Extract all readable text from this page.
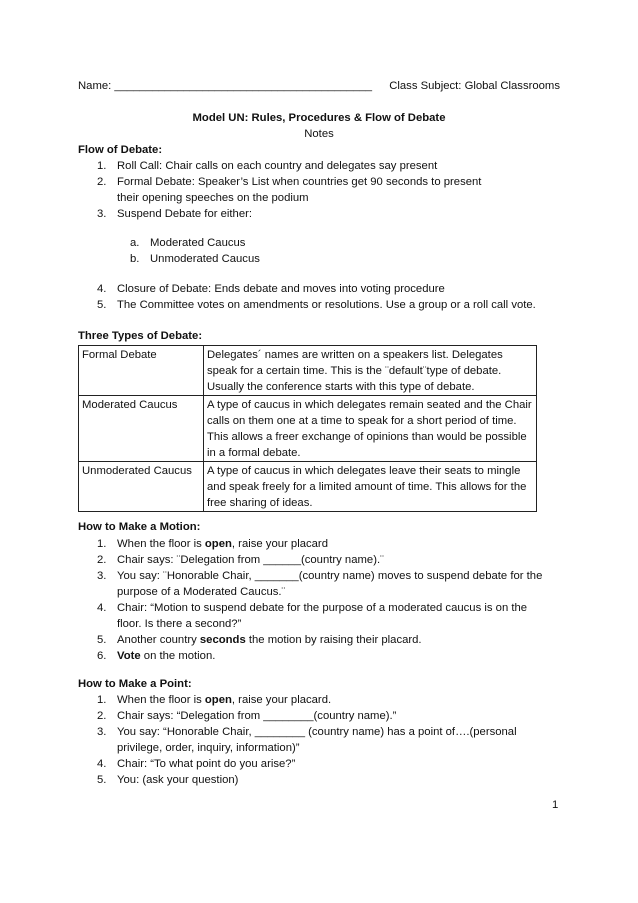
Name: _________________________________________ Class Subject: Global Classrooms
Model UN: Rules, Procedures & Flow of Debate
Notes
Flow of Debate:
1. Roll Call: Chair calls on each country and delegates say present
2. Formal Debate: Speaker’s List when countries get 90 seconds to present their opening speeches on the podium
3. Suspend Debate for either:
a. Moderated Caucus
b. Unmoderated Caucus
4. Closure of Debate: Ends debate and moves into voting procedure
5. The Committee votes on amendments or resolutions. Use a group or a roll call vote.
Three Types of Debate:
Formal Debate	Delegates´ names are written on a speakers list. Delegates speak for a certain time. This is the ¨default¨type of debate. Usually the conference starts with this type of debate.
Moderated Caucus	A type of caucus in which delegates remain seated and the Chair calls on them one at a time to speak for a short period of time. This allows a freer exchange of opinions than would be possible in a formal debate.
Unmoderated Caucus	A type of caucus in which delegates leave their seats to mingle and speak freely for a limited amount of time. This allows for the free sharing of ideas.
How to Make a Motion:
1. When the floor is open, raise your placard
2. Chair says: ¨Delegation from ______(country name).¨
3. You say: ¨Honorable Chair, _______(country name) moves to suspend debate for the purpose of a Moderated Caucus.¨
4. Chair: “Motion to suspend debate for the purpose of a moderated caucus is on the floor. Is there a second?”
5. Another country seconds the motion by raising their placard.
6. Vote on the motion.
How to Make a Point:
1. When the floor is open, raise your placard.
2. Chair says: “Delegation from ________(country name).”
3. You say: “Honorable Chair, ________ (country name) has a point of….(personal privilege, order, inquiry, information)”
4. Chair: “To what point do you arise?”
5. You: (ask your question)
1
